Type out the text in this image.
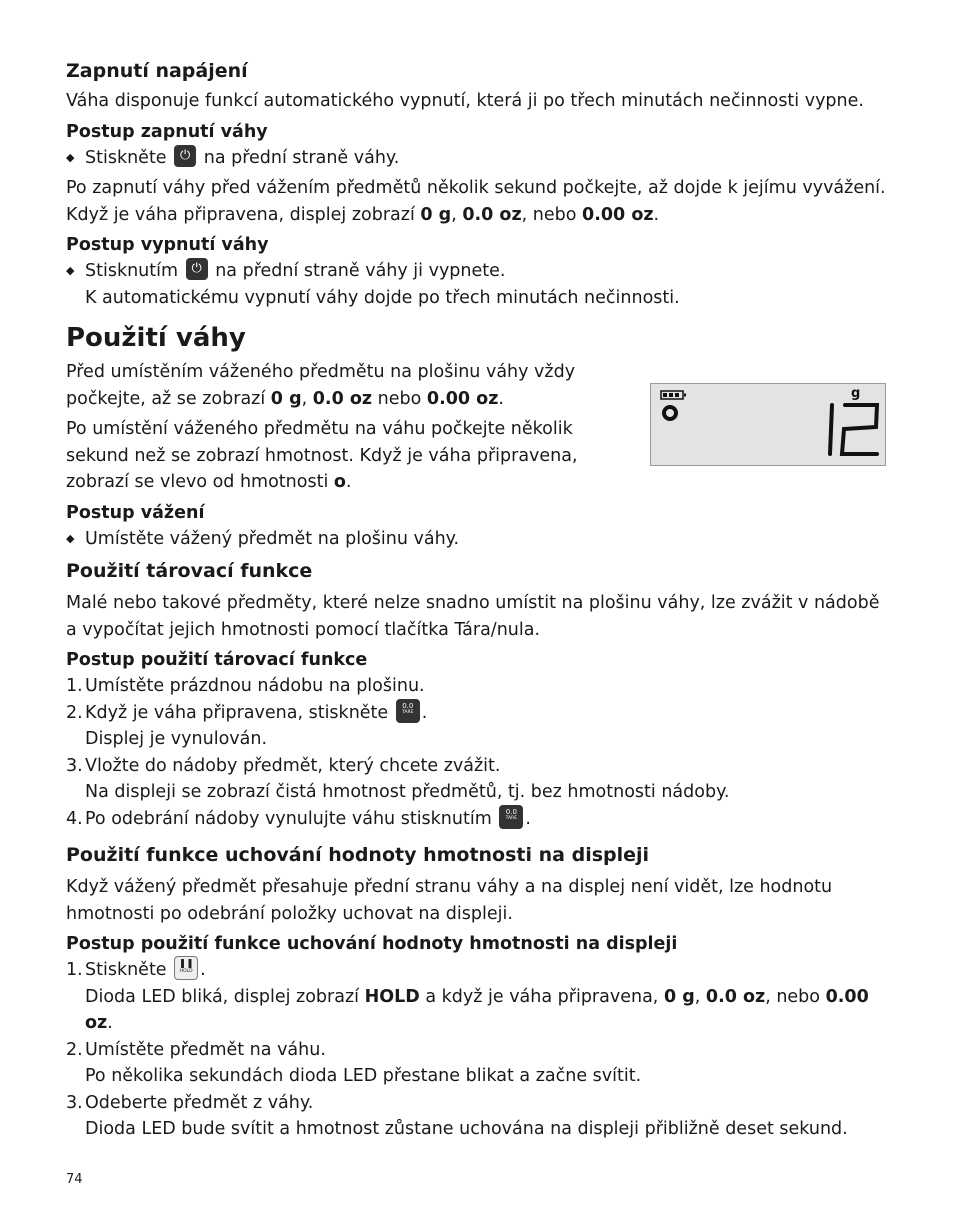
Zapnutí napájení

Váha disponuje funkcí automatického vypnutí, která ji po třech minutách nečinnosti vypne.

Postup zapnutí váhy

◆ Stiskněte ⏻ na přední straně váhy.

Po zapnutí váhy před vážením předmětů několik sekund počkejte, až dojde k jejímu vyvážení.

Když je váha připravena, displej zobrazí 0 g, 0.0 oz, nebo 0.00 oz.

Postup vypnutí váhy

◆ Stisknutím ⏻ na přední straně váhy ji vypnete.

K automatickému vypnutí váhy dojde po třech minutách nečinnosti.

Použití váhy

Před umístěním váženého předmětu na plošinu váhy vždy

počkejte, až se zobrazí 0 g, 0.0 oz nebo 0.00 oz.

Po umístění váženého předmětu na váhu počkejte několik

sekund než se zobrazí hmotnost. Když je váha připravena,

zobrazí se vlevo od hmotnosti o.

Postup vážení

◆ Umístěte vážený předmět na plošinu váhy.

Použití tárovací funkce

Malé nebo takové předměty, které nelze snadno umístit na plošinu váhy, lze zvážit v nádobě

a vypočítat jejich hmotnosti pomocí tlačítka Tára/nula.

Postup použití tárovací funkce

1. Umístěte prázdnou nádobu na plošinu.

2. Když je váha připravena, stiskněte 0.0
TARE .

Displej je vynulován.

3. Vložte do nádoby předmět, který chcete zvážit.

Na displeji se zobrazí čistá hmotnost předmětů, tj. bez hmotnosti nádoby.

4. Po odebrání nádoby vynulujte váhu stisknutím 0.0
TARE .

Použití funkce uchování hodnoty hmotnosti na displeji

Když vážený předmět přesahuje přední stranu váhy a na displej není vidět, lze hodnotu

hmotnosti po odebrání položky uchovat na displeji.

Postup použití funkce uchování hodnoty hmotnosti na displeji

1. Stiskněte ❚❚
HOLD .

Dioda LED bliká, displej zobrazí HOLD a když je váha připravena, 0 g, 0.0 oz, nebo 0.00 oz.

2. Umístěte předmět na váhu.

Po několika sekundách dioda LED přestane blikat a začne svítit.

3. Odeberte předmět z váhy.

Dioda LED bude svítit a hmotnost zůstane uchována na displeji přibližně deset sekund.

g
74
